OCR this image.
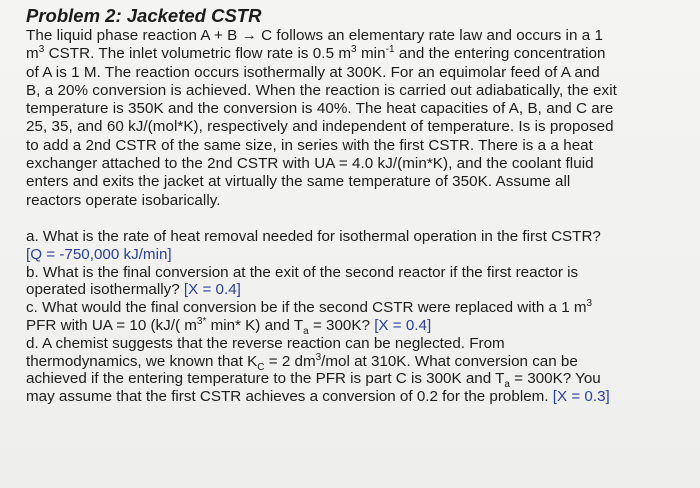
Problem 2: Jacketed CSTR
The liquid phase reaction A + B → C follows an elementary rate law and occurs in a 1
$m^3$ CSTR. The inlet volumetric flow rate is 0.5 $m^3$ $\min^{-1}$ and the entering concentration
of A is 1 M. The reaction occurs isothermally at 300K. For an equimolar feed of A and
B, a 20% conversion is achieved. When the reaction is carried out adiabatically, the exit
temperature is 350K and the conversion is 40%. The heat capacities of A, B, and C are
25, 35, and 60 kJ/(mol*K), respectively and independent of temperature. Is is proposed
to add a 2nd CSTR of the same size, in series with the first CSTR. There is a a heat
exchanger attached to the 2nd CSTR with UA = 4.0 kJ/(min*K), and the coolant fluid
enters and exits the jacket at virtually the same temperature of 350K. Assume all
reactors operate isobarically.
a. What is the rate of heat removal needed for isothermal operation in the first CSTR?
[Q = -750,000 kJ/min]
b. What is the final conversion at the exit of the second reactor if the first reactor is
operated isothermally? [X = 0.4]
c. What would the final conversion be if the second CSTR were replaced with a 1 $m^3$
PFR with UA = 10 (kJ/( $m^{3*}$ min* K) and $T_a = 300K$? [X = 0.4]
d. A chemist suggests that the reverse reaction can be neglected. From
thermodynamics, we known that $K_C = 2$ $dm^3$/mol at 310K. What conversion can be
achieved if the entering temperature to the PFR is part C is 300K and $T_a = 300K$? You
may assume that the first CSTR achieves a conversion of 0.2 for the problem. [X = 0.3]
